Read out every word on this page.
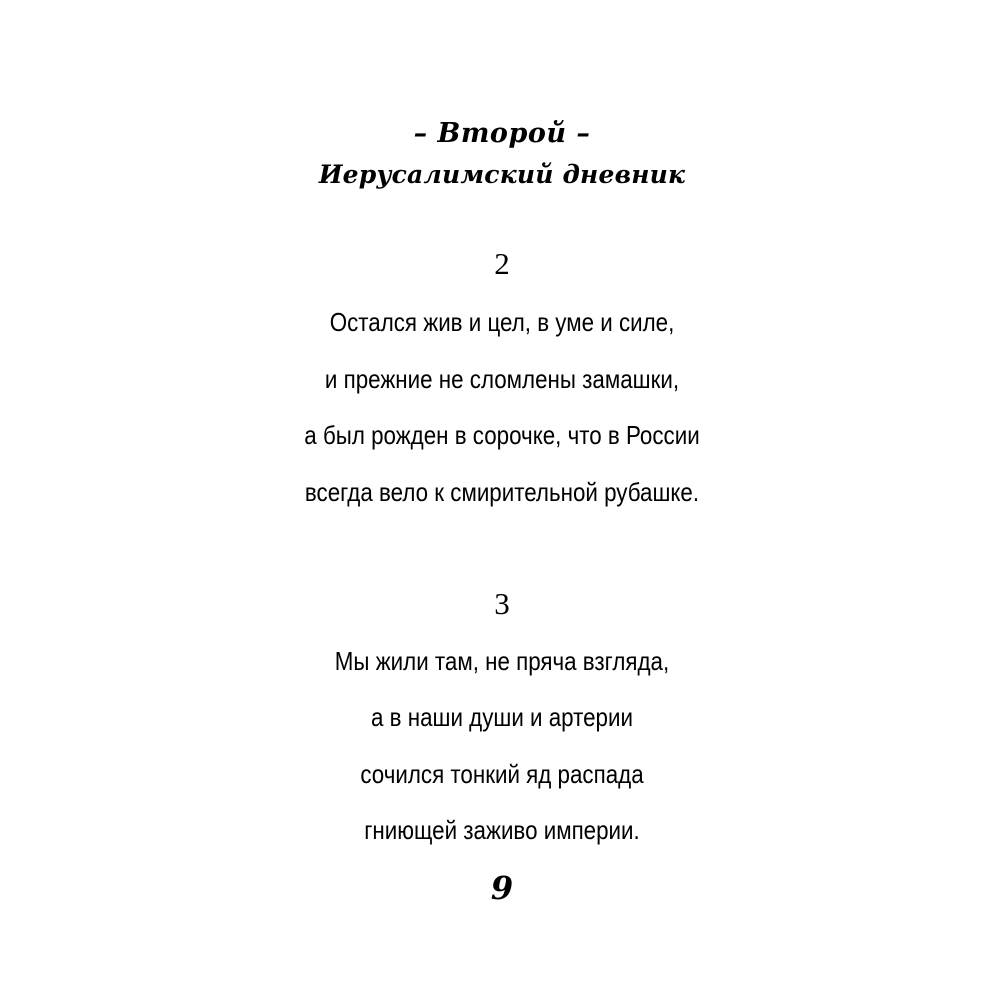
– Второй –
Иерусалимский дневник
2
Остался жив и цел, в уме и силе,
и прежние не сломлены замашки,
а был рожден в сорочке, что в России
всегда вело к смирительной рубашке.
3
Мы жили там, не пряча взгляда,
а в наши души и артерии
сочился тонкий яд распада
гниющей заживо империи.
9
